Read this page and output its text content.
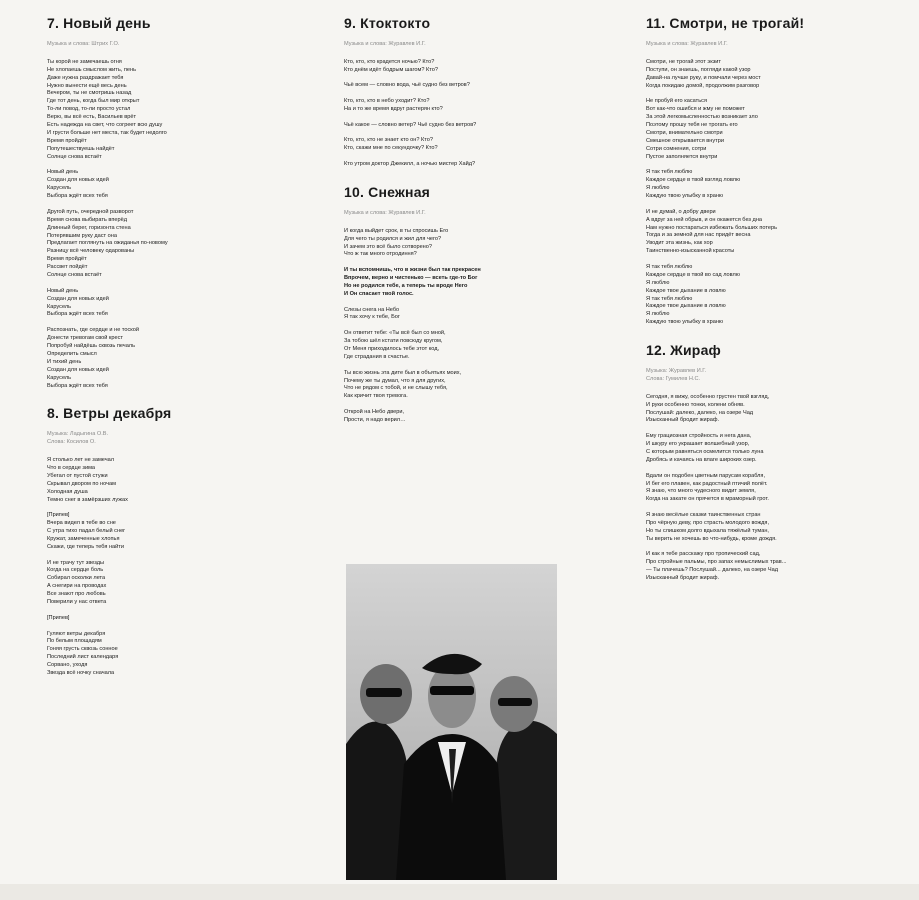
7. Новый день
Музыка и слова: Штрих Г.О.

Ты корой не замечаешь огня
Не хлопаешь смыслом жить, пень
Даже нужна раздражает тебя
Нужно вынести ещё весь день
Вечером, ты не смотришь назад
Где тот день, когда был мир открыт
То-ли повод, то-ли просто устал
Верю, вы всё есть, Васильев врёт
Есть надежда на свет, что согреет всю душу
И грусти больше нет места, так будет недолго
Время пройдёт
Попутешествуешь найдёт
Солнце снова встаёт

Новый день
Создан для новых идей
Карусель
Выбора ждёт всех тебя

Другой путь, очередной разворот
Время снова выбирать вперёд
Длинный берег, горизонта стена
Потерявшим руку даст она
Предлагает поглянуть на ожиданья по-новому
Разницу всё человеку одарованы
Время пройдёт
Рассвет пойдёт
Солнце снова встаёт

Новый день
Создан для новых идей
Карусель
Выбора ждёт всех тебя

Распознать, где сердце и не тоской
Донести тревогам свой крест
Попробуй найдёшь сквозь печаль
Определить смысл
И тихий день
Создан для новых идей
Карусель
Выбора ждёт всех тебя

8. Ветры декабря
Музыка: Ладыгина О.В.
Слова: Косилов О.

Я столько лет не замечал
Что в сердце зима
Убегал от пустой стужи
Скрывал двором по ночам
Холодная душа
Темно снег в замёрзших лужах

[Припев]
Вчера видел в тебе во сне
С утра тихо падал белый снег
Кружат, замеченные хлопья
Скажи, где теперь тебя найти

И не трачу тут звезды
Когда на сердце боль
Собирал осколки лета
А снегири на проводах
Все знают про любовь
Поверили у нас ответа

[Припев]

Гуляют ветры декабря
По белым площадям
Гоняя грусть сквозь сонное
Последний лист календаря
Сорвано, уходя
Звезда всё ночку сначала

9. Ктоктокто
Музыка и слова: Журавлев И.Г.

Кто, кто, кто крадется ночью? Кто?
Кто днём идёт бодрым шагом? Кто?

Чьё всем — словно вода, чьё судно без ветров?

Кто, кто, кто в небо уходит? Кто?
На и то же время вдруг растерян кто?

Чьё какое — словно ветер? Чьё судно без ветров?

Кто, кто, кто не знает кто он? Кто?
Кто, скажи мне по секундочку? Кто?

Кто утром доктор Джекилл, а ночью мистер Хайд?

10. Снежная
Музыка и слова: Журавлев И.Г.

И когда выйдет срок, в ты спросишь Его
Для чего ты родился и жил для чего?
И зачем это всё было сотворено?
Что ж так много отродиння?

И ты вспомнишь, что в жизни был так прекрасен
Впрочем, верно и чистенько — всеть где-то Бог
Но не родился тебе, а теперь ты вроде Него
И Он спасает твой голос.

Слезы снега на Небо
Я так хочу к тебе, Бог

Он ответит тебе: «Ты всё был со мной,
За тобою шёл кстати повсюду кругом,
От Меня приходилось тебе этот код,
Где страдания в счастье.

Ты всю жизнь эта дите был в объятьях моих,
Почему же ты думал, что я для других,
Что не рядом с тобой, и не слышу тебя,
Как кричит твоя тревога.

Открой на Небо двери,
Прости, я надо верил…

11. Смотри, не трогай!
Музыка и слова: Журавлев И.Г.

Смотри, не трогай этот экзит
Поступи, он знаешь, погляди какой узор
Давай-на лучше руку, и помчали через мост
Когда покидаю домой, продолжим разговор

Не пробуй его касаться
Вот как-что ошибся и жму не поможет
За этой легкомысленностью возникает зло
Поэтому прошу тебя не трогать его
Смотри, внимательно смотри
Смешное открывается внутри
Сотри сомнения, сотри
Пустое заполняется внутри

Я так тебя люблю
Каждое сердце в твой взгляд ловлю
Я люблю
Каждую твою улыбку в храню

И не думай, о добру двери
А вдруг за ней обрыв, и он окажется без дна
Нам нужно постараться избежать больших потерь
Тогда и за земной для нас придёт весна
Уводит эта жизнь, как хор
Таинственно-изысканной красоты

Я так тебя люблю
Каждое сердце в твой во сад ловлю
Я люблю
Каждое твое дыхание в ловлю
Я так тебя люблю
Каждое твое дыхание в ловлю
Я люблю
Каждую твою улыбку в храню

12. Жираф
Музыка: Журавлев И.Г.
Слова: Гумилев Н.С.

Сегодня, я вижу, особенно грустен твой взгляд,
И руки особенно тонки, колени обняв.
Послушай: далеко, далеко, на озере Чад
Изысканный бродит жираф.

Ему грациозная стройность и нега дана,
И шкуру его украшает волшебный узор,
С которым равняться осмелится только луна
Дробясь и качаясь на влаге широких озер.

Вдали он подобен цветным парусам корабля,
И бег его плавен, как радостный птичий полёт.
Я знаю, что много чудесного видит земля,
Когда на закате он прячется в мраморный грот.

Я знаю весёлые сказки таинственных стран
Про чёрную деву, про страсть молодого вождя,
Но ты слишком долго вдыхала тяжёлый туман,
Ты верить не хочешь во что-нибудь, кроме дождя.

И как я тебе расскажу про тропический сад,
Про стройные пальмы, про запах немыслимых трав...
— Ты плачешь? Послушай... далеко, на озере Чад
Изысканный бродит жираф.
